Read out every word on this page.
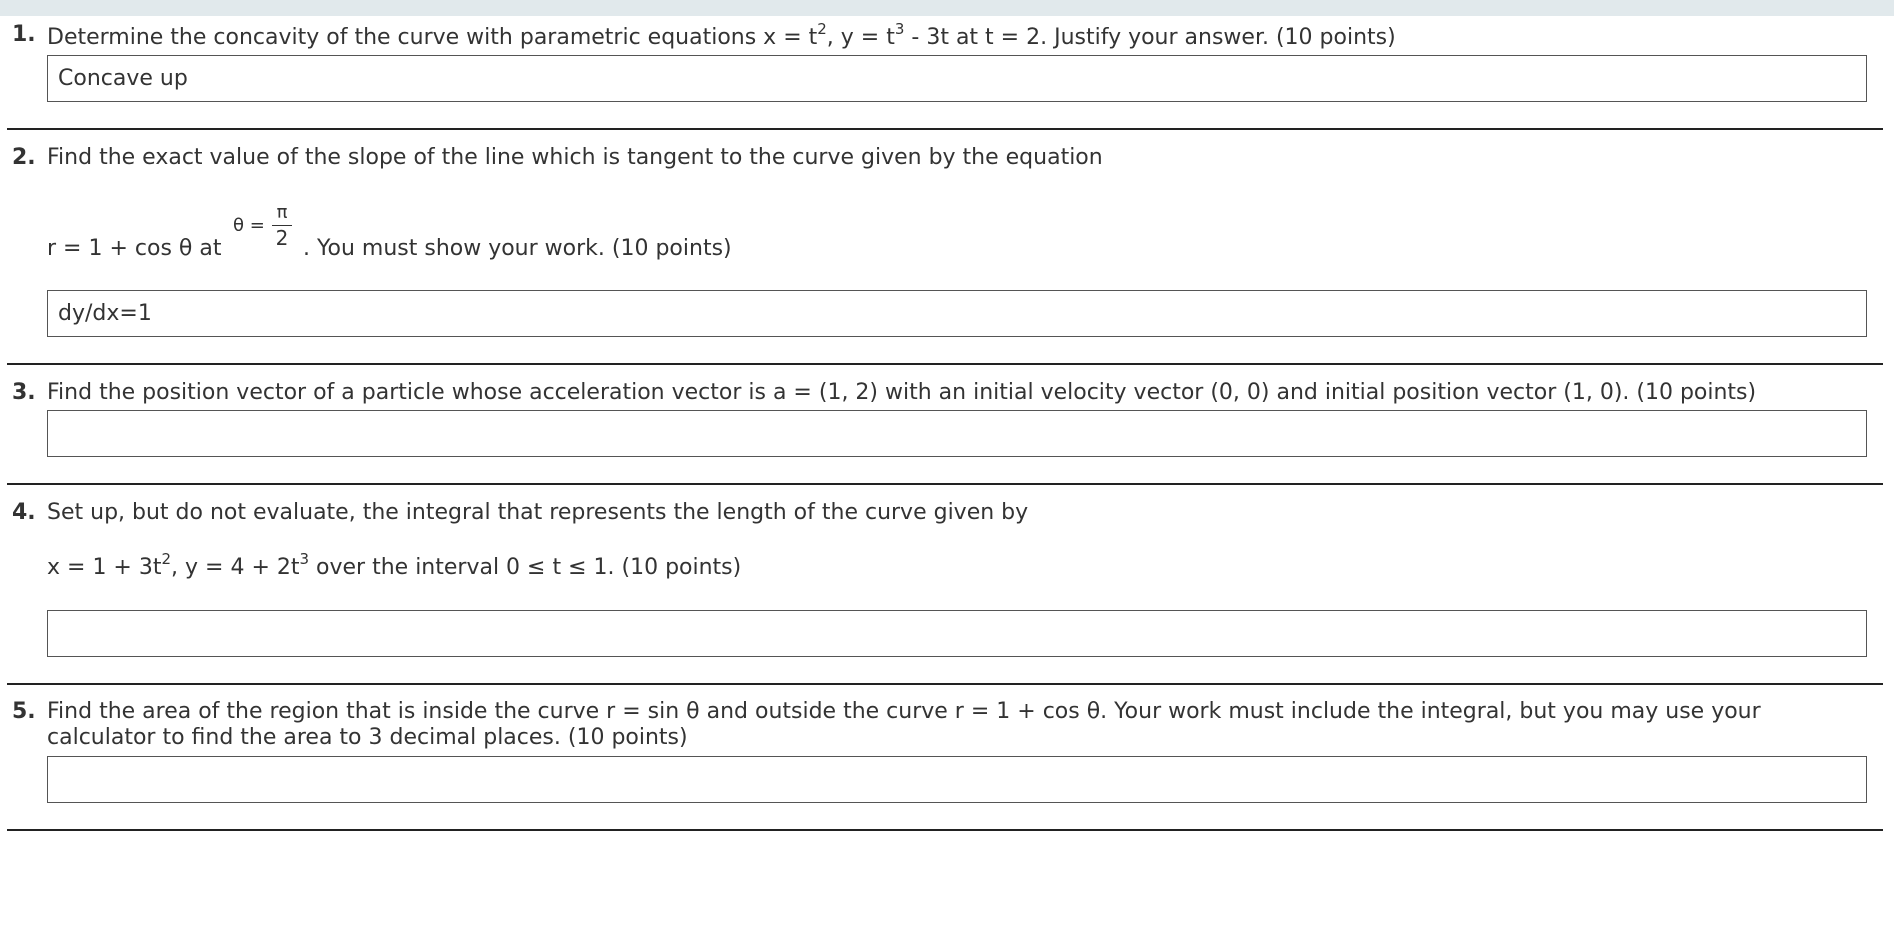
1. Determine the concavity of the curve with parametric equations $x = t^2$, $y = t^3 - 3t$ at t = 2. Justify your answer. (10 points)
Concave up
2. Find the exact value of the slope of the line which is tangent to the curve given by the equation
r = 1 + cos θ at
θ =
π
2 . You must show your work. (10 points)
dy/dx=1
3. Find the position vector of a particle whose acceleration vector is a = (1, 2) with an initial velocity vector (0, 0) and initial position vector (1, 0). (10 points)
4. Set up, but do not evaluate, the integral that represents the length of the curve given by
$x = 1 + 3t^2$, $y = 4 + 2t^3$ over the interval 0 ≤ t ≤ 1. (10 points)
5. Find the area of the region that is inside the curve r = sin θ and outside the curve r = 1 + cos θ. Your work must include the integral, but you may use your calculator to find the area to 3 decimal places. (10 points)
